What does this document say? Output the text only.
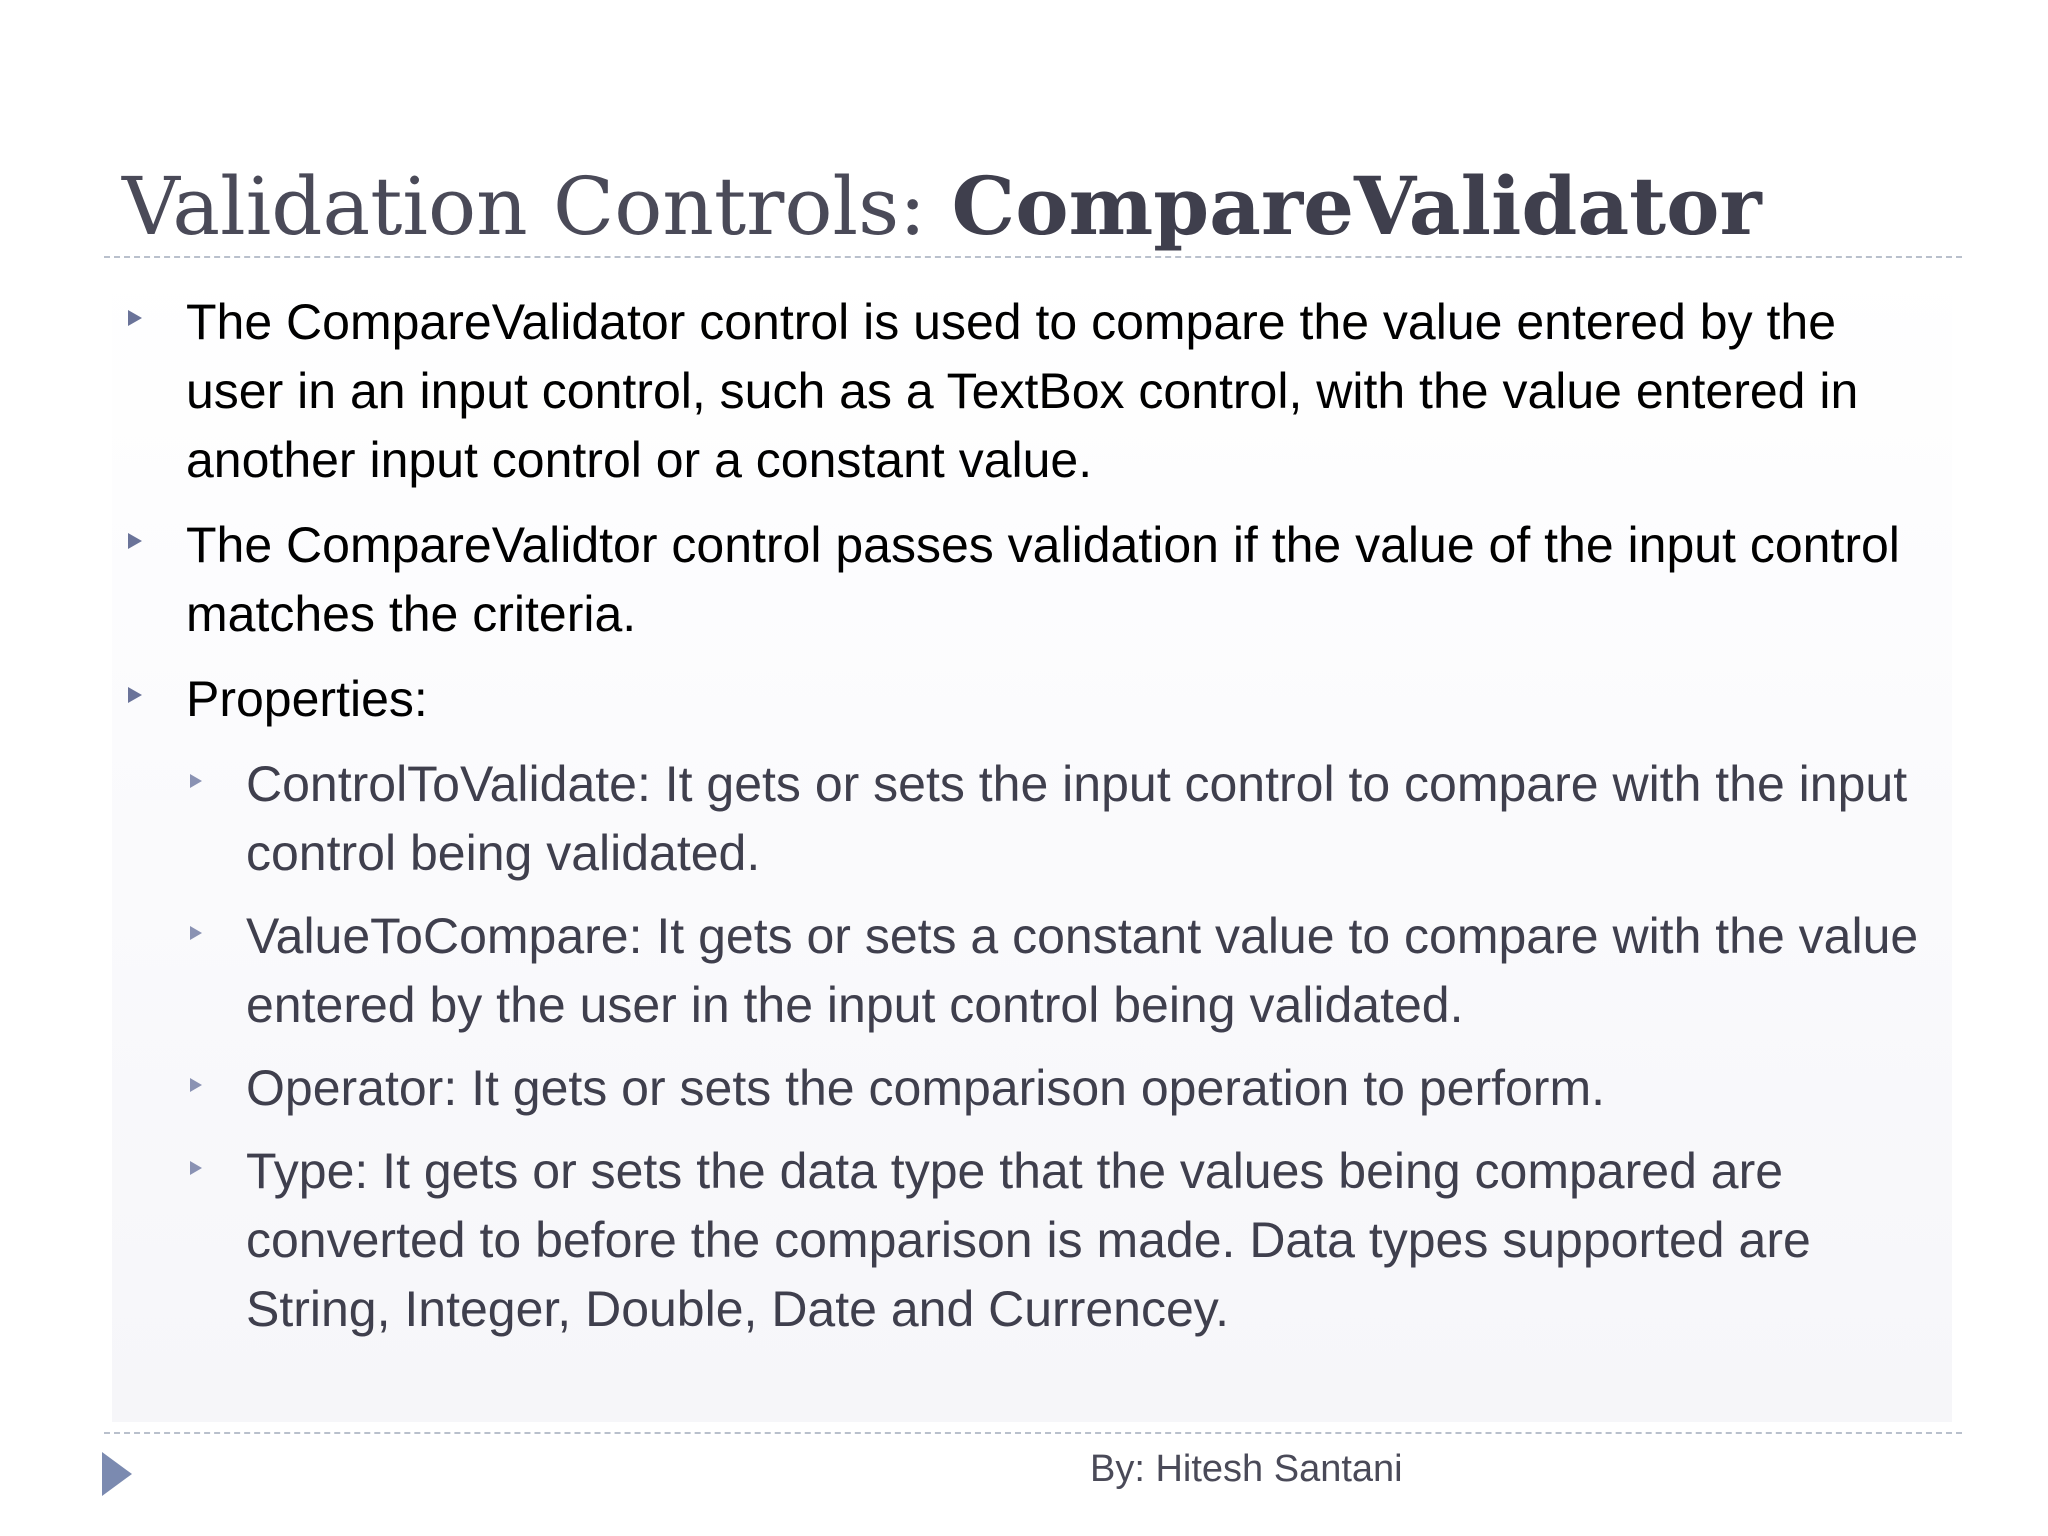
Validation Controls: CompareValidator
The CompareValidator control is used to compare the value entered by the user in an input control, such as a TextBox control, with the value entered in another input control or a constant value.
The CompareValidtor control passes validation if the value of the input control matches the criteria.
Properties:
ControlToValidate: It gets or sets the input control to compare with the input control being validated.
ValueToCompare: It gets or sets a constant value to compare with the value entered by the user in the input control being validated.
Operator: It gets or sets the comparison operation to perform.
Type: It gets or sets the data type that the values being compared are converted to before the comparison is made. Data types supported are String, Integer, Double, Date and Currencey.
By: Hitesh Santani
